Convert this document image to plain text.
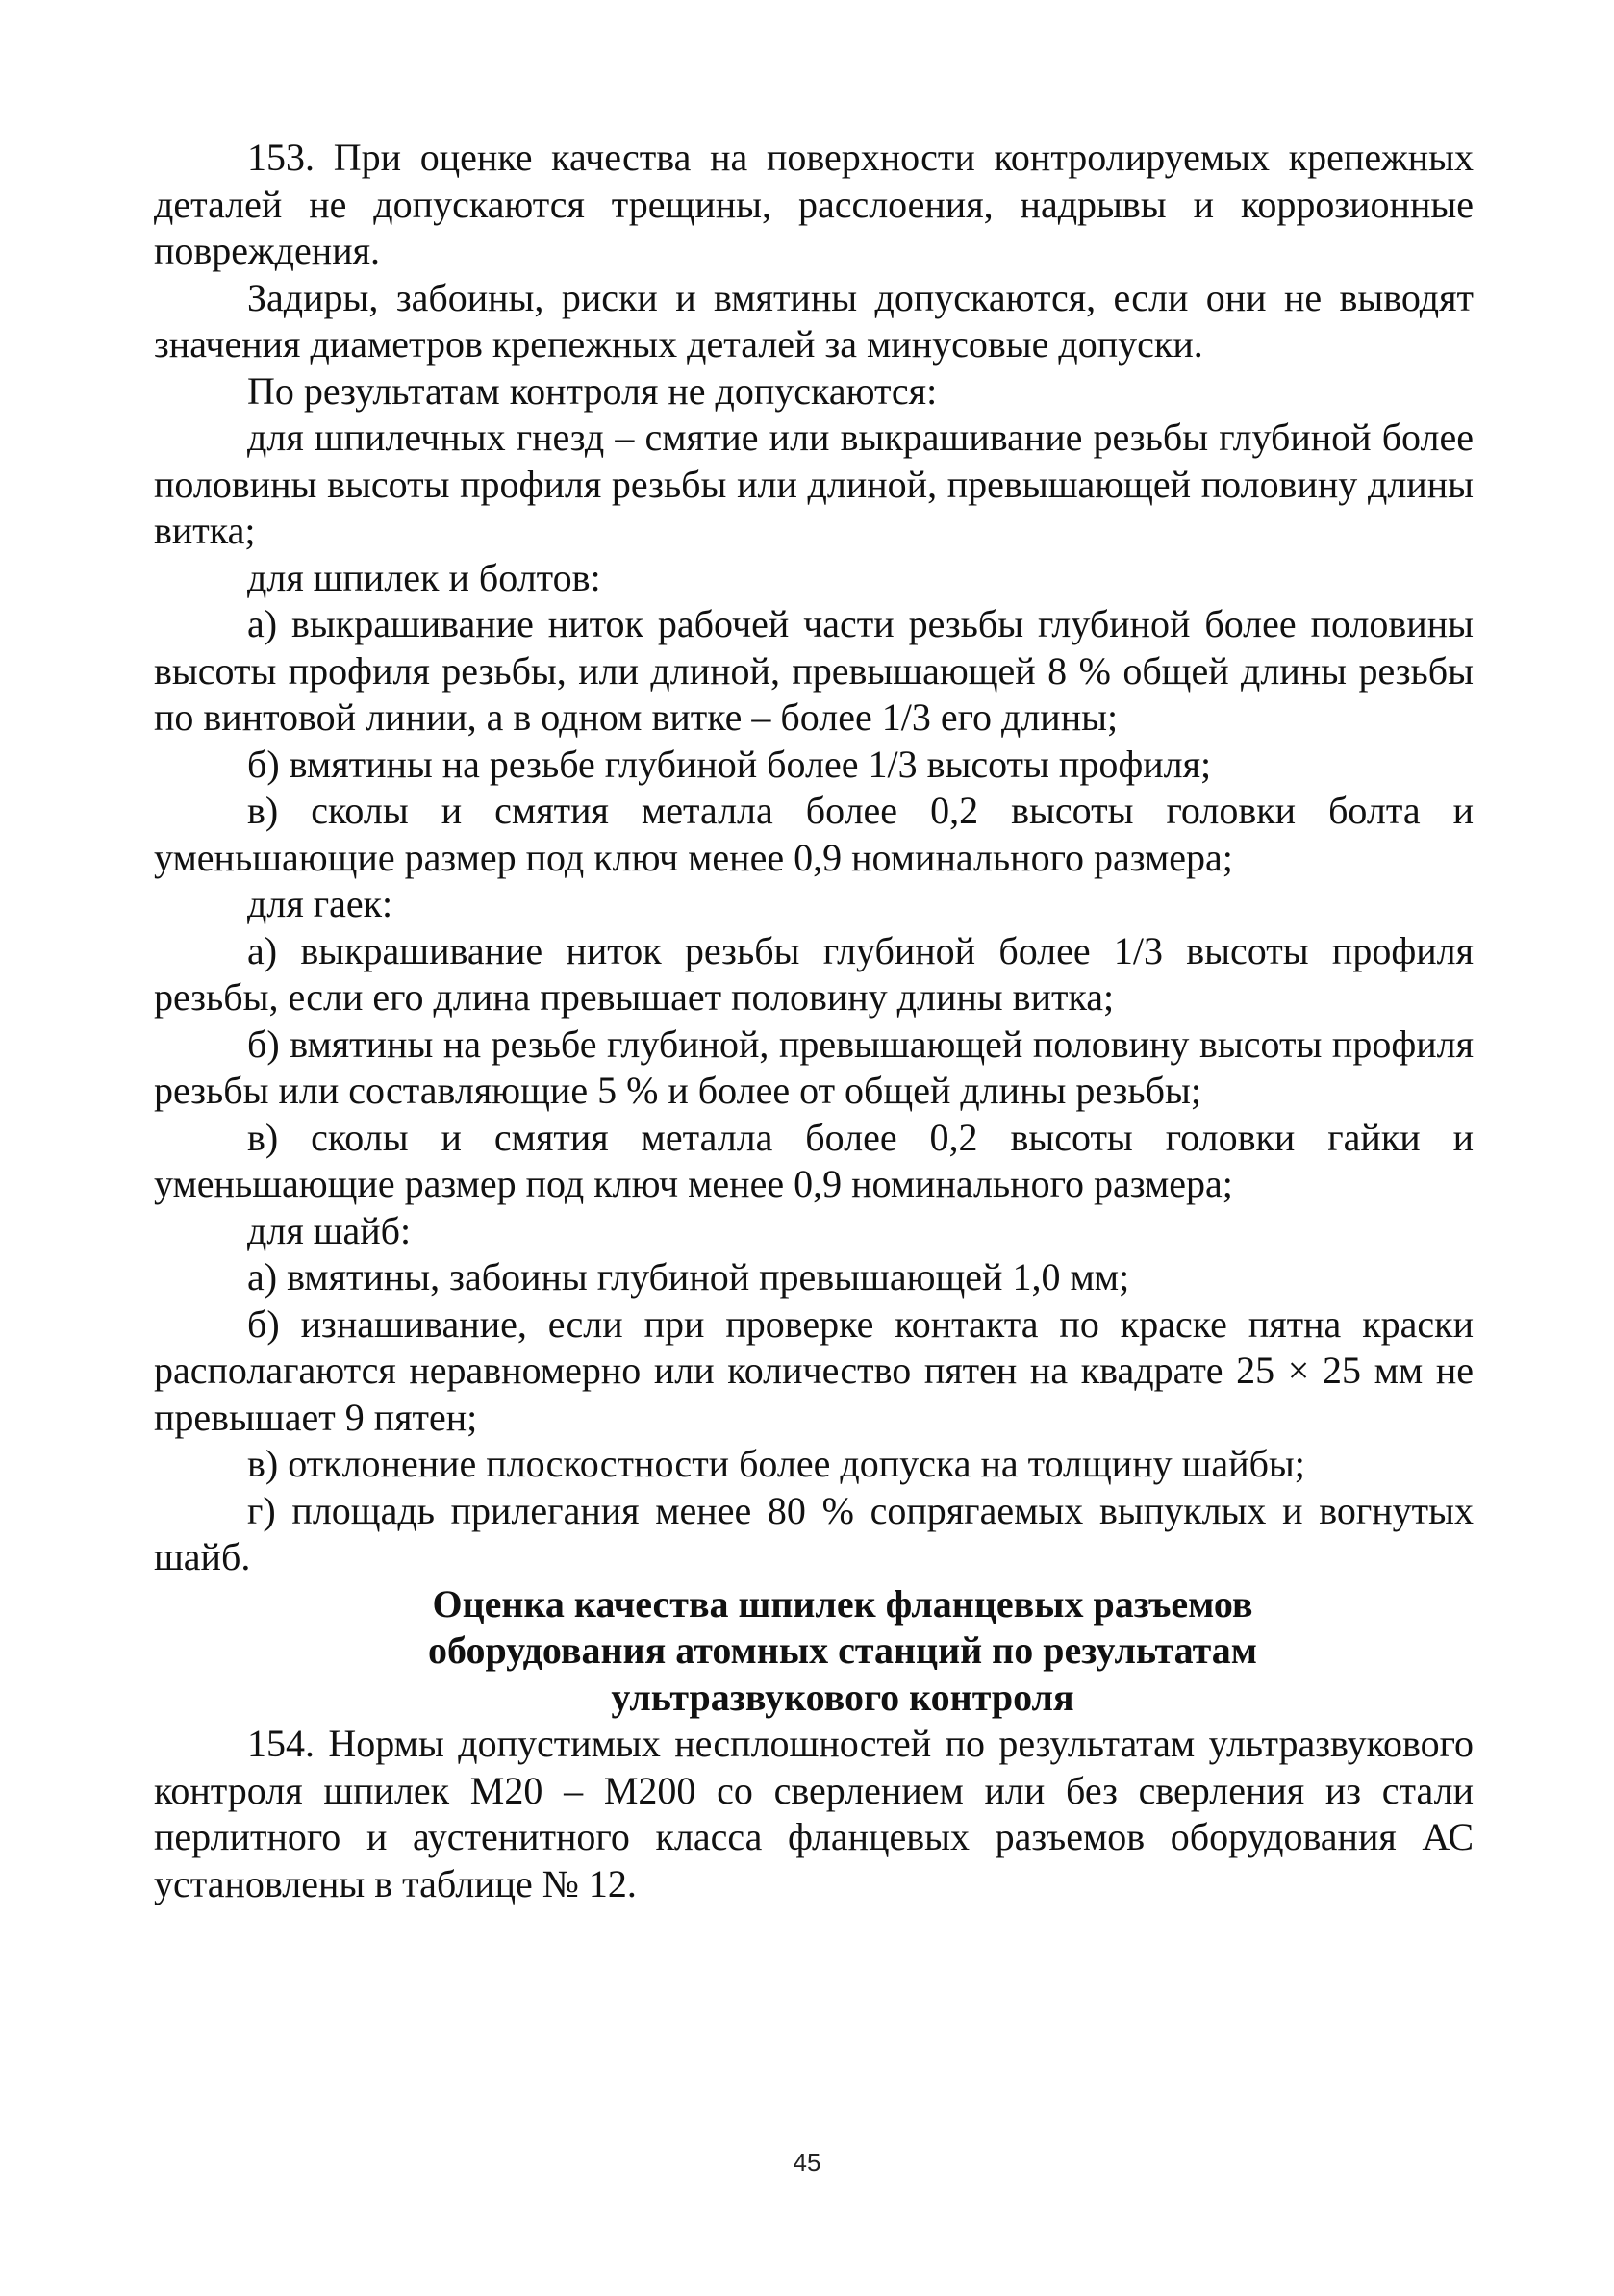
153. При оценке качества на поверхности контролируемых крепежных деталей не допускаются трещины, расслоения, надрывы и коррозионные повреждения.

Задиры, забоины, риски и вмятины допускаются, если они не выводят значения диаметров крепежных деталей за минусовые допуски.

По результатам контроля не допускаются:

для шпилечных гнезд – смятие или выкрашивание резьбы глубиной более половины высоты профиля резьбы или длиной, превышающей половину длины витка;

для шпилек и болтов:

а) выкрашивание ниток рабочей части резьбы глубиной более половины высоты профиля резьбы, или длиной, превышающей 8 % общей длины резьбы по винтовой линии, а в одном витке – более 1/3 его длины;

б) вмятины на резьбе глубиной более 1/3 высоты профиля;

в) сколы и смятия металла более 0,2 высоты головки болта и уменьшающие размер под ключ менее 0,9 номинального размера;

для гаек:

а) выкрашивание ниток резьбы глубиной более 1/3 высоты профиля резьбы, если его длина превышает половину длины витка;

б) вмятины на резьбе глубиной, превышающей половину высоты профиля резьбы или составляющие 5 % и более от общей длины резьбы;

в) сколы и смятия металла более 0,2 высоты головки гайки и уменьшающие размер под ключ менее 0,9 номинального размера;

для шайб:

а) вмятины, забоины глубиной превышающей 1,0 мм;

б) изнашивание, если при проверке контакта по краске пятна краски располагаются неравномерно или количество пятен на квадрате 25 × 25 мм не превышает 9 пятен;

в) отклонение плоскостности более допуска на толщину шайбы;

г) площадь прилегания менее 80 % сопрягаемых выпуклых и вогнутых шайб.

Оценка качества шпилек фланцевых разъемов

оборудования атомных станций по результатам

ультразвукового контроля

154. Нормы допустимых несплошностей по результатам ультразвукового контроля шпилек М20 – М200 со сверлением или без сверления из стали перлитного и аустенитного класса фланцевых разъемов оборудования АС установлены в таблице № 12.

45
